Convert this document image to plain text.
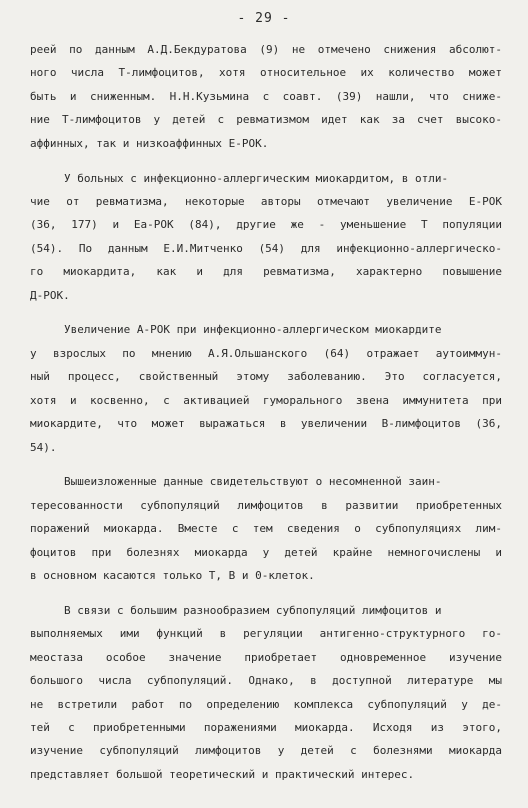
- 29 -
реей по данным А.Д.Бекдуратова (9) не отмечено снижения абсолют-
ного числа Т-лимфоцитов, хотя относительное их количество может
быть и сниженным. Н.Н.Кузьмина с соавт. (39) нашли, что сниже-
ние Т-лимфоцитов у детей с ревматизмом идет как за счет высоко-
аффинных, так и низкоаффинных Е-РОК.
У больных с инфекционно-аллергическим миокардитом, в отли-
чие от ревматизма, некоторые авторы отмечают увеличение Е-РОК
(36, 177) и Еа-РОК (84), другие же - уменьшение Т популяции
(54). По данным Е.И.Митченко (54) для инфекционно-аллергическо-
го миокардита, как и для ревматизма, характерно повышение
Д-РОК.
Увеличение А-РОК при инфекционно-аллергическом миокардите
у взрослых по мнению А.Я.Ольшанского (64) отражает аутоиммун-
ный процесс, свойственный этому заболеванию. Это согласуется,
хотя и косвенно, с активацией гуморального звена иммунитета при
миокардите, что может выражаться в увеличении В-лимфоцитов (36,
54).
Вышеизложенные данные свидетельствуют о несомненной заин-
тересованности субпопуляций лимфоцитов в развитии приобретенных
поражений миокарда. Вместе с тем сведения о субпопуляциях лим-
фоцитов при болезнях миокарда у детей крайне немногочислены и
в основном касаются только Т, В и 0-клеток.
В связи с большим разнообразием субпопуляций лимфоцитов и
выполняемых ими функций в регуляции антигенно-структурного го-
меостаза особое значение приобретает одновременное изучение
большого числа субпопуляций. Однако, в доступной литературе мы
не встретили работ по определению комплекса субпопуляций у де-
тей с приобретенными поражениями миокарда. Исходя из этого,
изучение субпопуляций лимфоцитов у детей с болезнями миокарда
представляет большой теоретический и практический интерес.
